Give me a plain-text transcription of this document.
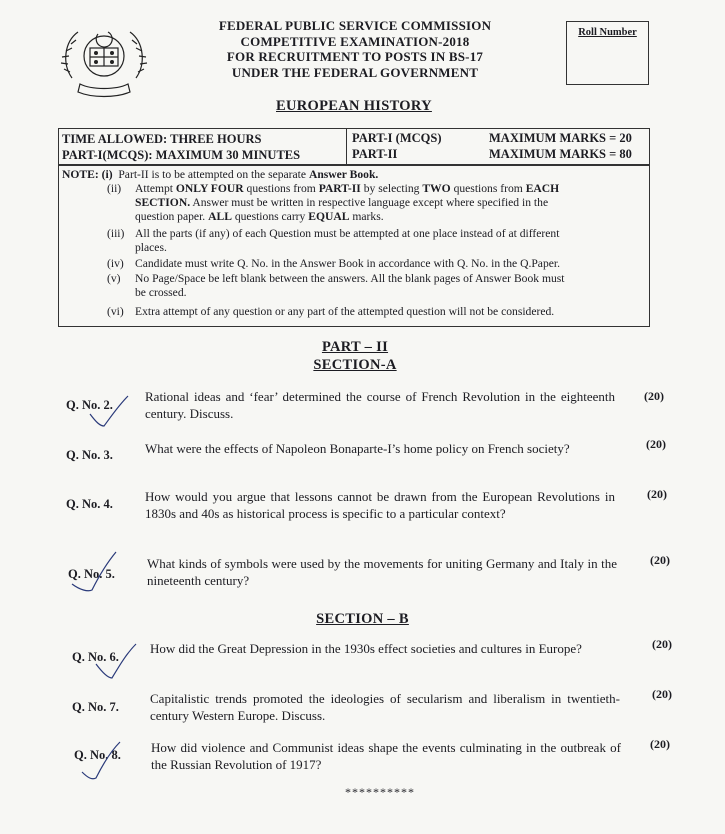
FEDERAL PUBLIC SERVICE COMMISSION
COMPETITIVE EXAMINATION-2018
FOR RECRUITMENT TO POSTS IN BS-17
UNDER THE FEDERAL GOVERNMENT
Roll Number
EUROPEAN HISTORY
TIME ALLOWED: THREE HOURS
PART-I(MCQS): MAXIMUM 30 MINUTES
PART-I (MCQS)
PART-II
MAXIMUM MARKS = 20
MAXIMUM MARKS = 80
NOTE: (i) Part-II is to be attempted on the separate Answer Book.
(ii) Attempt ONLY FOUR questions from PART-II by selecting TWO questions from EACH
SECTION. Answer must be written in respective language except where specified in the
question paper. ALL questions carry EQUAL marks.
(iii) All the parts (if any) of each Question must be attempted at one place instead of at different
places.
(iv) Candidate must write Q. No. in the Answer Book in accordance with Q. No. in the Q.Paper.
(v) No Page/Space be left blank between the answers. All the blank pages of Answer Book must
be crossed.
(vi) Extra attempt of any question or any part of the attempted question will not be considered.
PART – II
SECTION-A
Q. No. 2.
Rational ideas and ‘fear’ determined the course of French Revolution in the eighteenth century. Discuss.
(20)
Q. No. 3. What were the effects of Napoleon Bonaparte-I’s home policy on French society?	(20)
Q. No. 4. How would you argue that lessons cannot be drawn from the European Revolutions in 1830s and 40s as historical process is specific to a particular context?
(20)
Q. No. 5.
What kinds of symbols were used by the movements for uniting Germany and Italy in the nineteenth century?
(20)
SECTION – B
Q. No. 6.
How did the Great Depression in the 1930s effect societies and cultures in Europe?	(20)
Q. No. 7.
Capitalistic trends promoted the ideologies of secularism and liberalism in twentieth-century Western Europe. Discuss.
(20)
Q. No. 8. How did violence and Communist ideas shape the events culminating in the outbreak of the Russian Revolution of 1917?
(20)
**********
